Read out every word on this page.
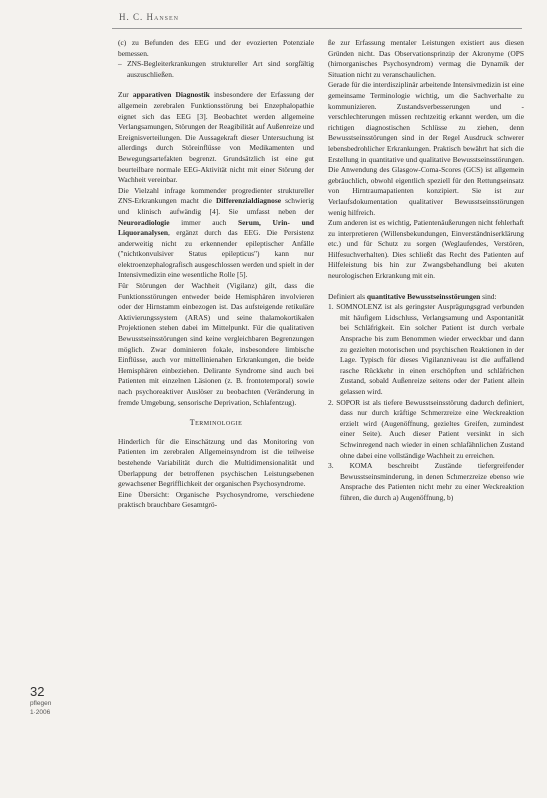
H. C. Hansen

(c) zu Befunden des EEG und der evozierten Potenziale bemessen.

– ZNS-Begleiterkrankungen struktureller Art sind sorgfältig auszuschließen.

Zur apparativen Diagnostik insbesondere der Erfassung der allgemein zerebralen Funktionsstörung bei Enzephalopathie eignet sich das EEG [3]. Beobachtet werden allgemeine Verlangsamungen, Störungen der Reagibilität auf Außenreize und Ereignisverteilungen. Die Aussagekraft dieser Untersuchung ist allerdings durch Störeinflüsse von Medikamenten und Bewegungsartefakten begrenzt. Grundsätzlich ist eine gut beurteilbare normale EEG-Aktivität nicht mit einer Störung der Wachheit vereinbar.

Die Vielzahl infrage kommender progredienter struktureller ZNS-Erkrankungen macht die Differenzialdiagnose schwierig und klinisch aufwändig [4]. Sie umfasst neben der Neuroradiologie immer auch Serum, Urin- und Liquoranalysen, ergänzt durch das EEG. Die Persistenz anderweitig nicht zu erkennender epileptischer Anfälle ("nichtkonvulsiver Status epilepticus") kann nur elektroenzephalografisch ausgeschlossen werden und spielt in der Intensivmedizin eine wesentliche Rolle [5].

Für Störungen der Wachheit (Vigilanz) gilt, dass die Funktionsstörungen entweder beide Hemisphären involvieren oder der Hirnstamm einbezogen ist. Das aufsteigende retikuläre Aktivierungssystem (ARAS) und seine thalamokortikalen Projektionen stehen dabei im Mittelpunkt. Für die qualitativen Bewusstseinsstörungen sind keine vergleichbaren Begrenzungen möglich. Zwar dominieren fokale, insbesondere limbische Einflüsse, auch vor mittellinienahen Erkrankungen, die beide Hemisphären einbeziehen. Delirante Syndrome sind auch bei Patienten mit einzelnen Läsionen (z. B. frontotemporal) sowie nach psychoreaktiver Auslöser zu beobachten (Veränderung in fremde Umgebung, sensorische Deprivation, Schlafentzug).

Terminologie

Hinderlich für die Einschätzung und das Monitoring von Patienten im zerebralen Allgemeinsyndrom ist die teilweise bestehende Variabilität durch die Multidimensionalität und Überlappung der betroffenen psychischen Leistungsebenen gewachsener Begrifflichkeit der organischen Psychosyndrome.

Eine Übersicht: Organische Psychosyndrome, verschiedene praktisch brauchbare Gesamtgrö-

ße zur Erfassung mentaler Leistungen existiert aus diesen Gründen nicht. Das Observationsprinzip der Akronyme (OPS (hirnorganisches Psychosyndrom) vermag die Dynamik der Situation nicht zu veranschaulichen.

Gerade für die interdisziplinär arbeitende Intensivmedizin ist eine gemeinsame Terminologie wichtig, um die Sachverhalte zu kommunizieren. Zustandsverbesserungen und -verschlechterungen müssen rechtzeitig erkannt werden, um die richtigen diagnostischen Schlüsse zu ziehen, denn Bewusstseinsstörungen sind in der Regel Ausdruck schwerer lebensbedrohlicher Erkrankungen. Praktisch bewährt hat sich die Erstellung in quantitative und qualitative Bewusstseinsstörungen. Die Anwendung des Glasgow-Coma-Scores (GCS) ist allgemein gebräuchlich, obwohl eigentlich speziell für den Rettungseinsatz von Hirntraumapatienten konzipiert. Sie ist zur Verlaufsdokumentation qualitativer Bewusstseinsstörungen wenig hilfreich.

Zum anderen ist es wichtig, Patientenäußerungen nicht fehlerhaft zu interpretieren (Willensbekundungen, Einverständniserklärung etc.) und für Schutz zu sorgen (Weglaufendes, Verstören, Hilfesuchverhalten). Dies schließt das Recht des Patienten auf Hilfeleistung bis hin zur Zwangsbehandlung bei akuten neurologischen Erkrankung mit ein.

Definiert als quantitative Bewusstseinsstörungen sind:

1. SOMNOLENZ ist als geringster Ausprägungsgrad verbunden mit häufigem Lidschluss, Verlangsamung und Aspontanität bei Schläfrigkeit. Ein solcher Patient ist durch verbale Ansprache bis zum Benommen wieder erweckbar und dann zu gezielten motorischen und psychischen Reaktionen in der Lage. Typisch für dieses Vigilanzniveau ist die auffallend rasche Rückkehr in einen erschöpften und schläfrichen Zustand, sobald Außenreize seitens oder der Patient allein gelassen wird.

2. SOPOR ist als tiefere Bewusstseinsstörung dadurch definiert, dass nur durch kräftige Schmerzreize eine Weckreaktion erzielt wird (Augenöffnung, gezieltes Greifen, zumindest einer Seite). Auch dieser Patient versinkt in sich Schwinregend nach wieder in einen schlafähnlichen Zustand ohne dabei eine vollständige Wachheit zu erreichen.

3. KOMA beschreibt Zustände tiefergreifender Bewusstseinsminderung, in denen Schmerzreize ebenso wie Ansprache des Patienten nicht mehr zu einer Weckreaktion führen, die durch a) Augenöffnung, b)

32
pflegen
1·2006
